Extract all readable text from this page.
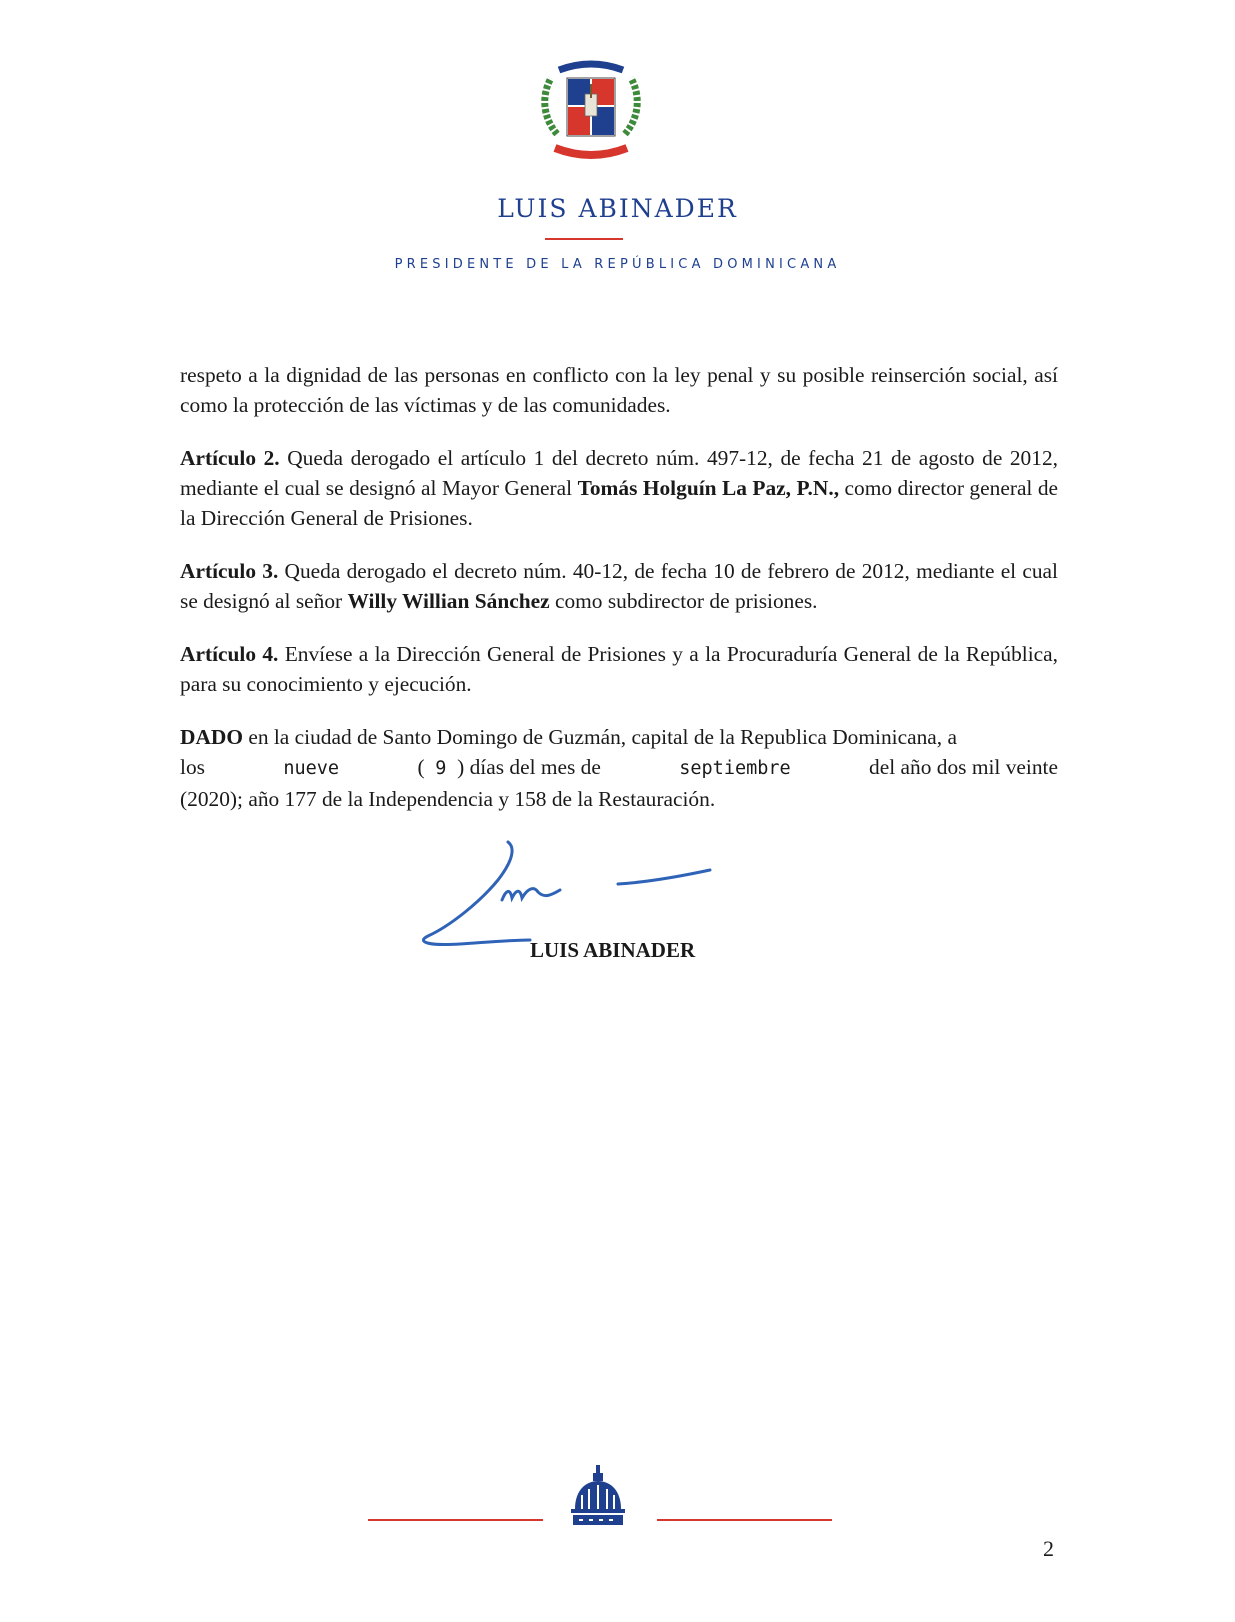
LUIS ABINADER
PRESIDENTE DE LA REPÚBLICA DOMINICANA

respeto a la dignidad de las personas en conflicto con la ley penal y su posible reinserción social, así como la protección de las víctimas y de las comunidades.

Artículo 2. Queda derogado el artículo 1 del decreto núm. 497-12, de fecha 21 de agosto de 2012, mediante el cual se designó al Mayor General Tomás Holguín La Paz, P.N., como director general de la Dirección General de Prisiones.

Artículo 3. Queda derogado el decreto núm. 40-12, de fecha 10 de febrero de 2012, mediante el cual se designó al señor Willy Willian Sánchez como subdirector de prisiones.

Artículo 4. Envíese a la Dirección General de Prisiones y a la Procuraduría General de la República, para su conocimiento y ejecución.

DADO en la ciudad de Santo Domingo de Guzmán, capital de la Republica Dominicana, a
los	nueve	( 9 ) días del mes de	septiembre	del año dos mil veinte
(2020); año 177 de la Independencia y 158 de la Restauración.
LUIS ABINADER
2
